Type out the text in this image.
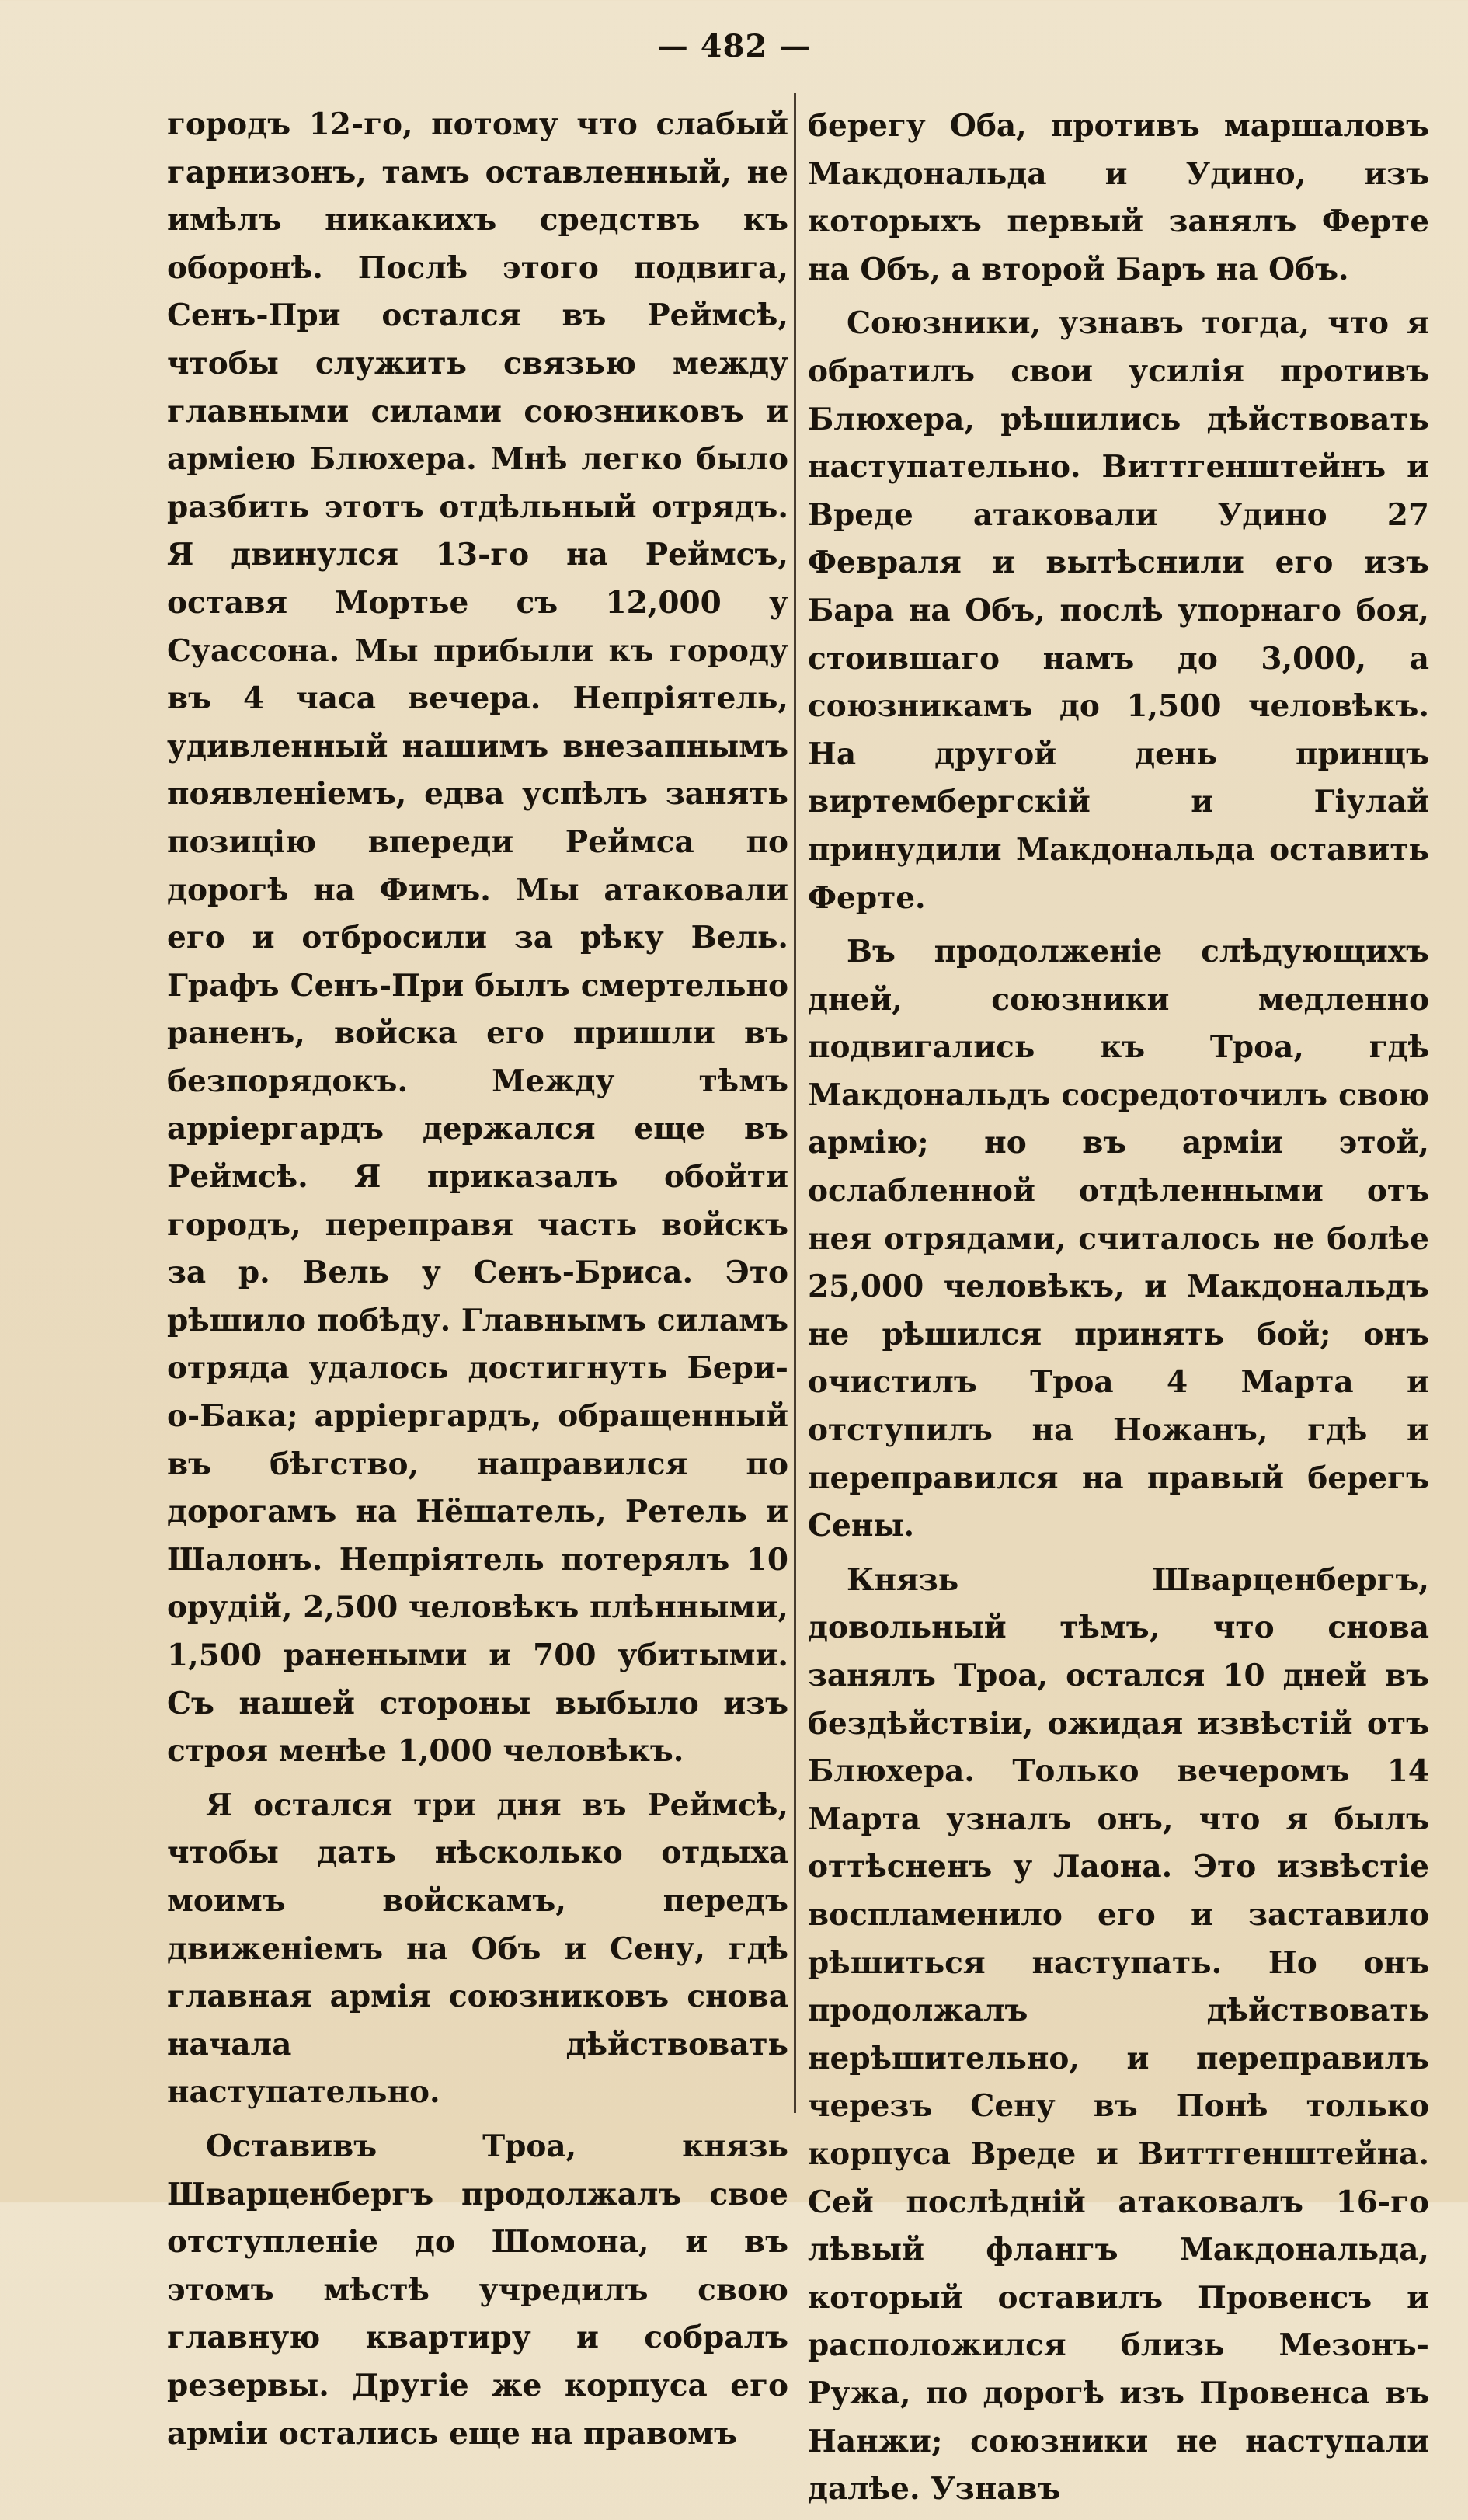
— 482 —

городъ 12-го, потому что слабый гарнизонъ, тамъ оставленный, не имѣлъ никакихъ средствъ къ оборонѣ. Послѣ этого подвига, Сенъ-При остался въ Реймсѣ, чтобы служить связью между главными силами союзниковъ и арміею Блюхера. Мнѣ легко было разбить этотъ отдѣльный отрядъ. Я двинулся 13-го на Реймсъ, оставя Мортье съ 12,000 у Суассона. Мы прибыли къ городу въ 4 часа вечера. Непріятель, удивленный нашимъ внезапнымъ появленіемъ, едва успѣлъ занять позицію впереди Реймса по дорогѣ на Фимъ. Мы атаковали его и отбросили за рѣку Вель. Графъ Сенъ-При былъ смертельно раненъ, войска его пришли въ безпорядокъ. Между тѣмъ арріергардъ держался еще въ Реймсѣ. Я приказалъ обойти городъ, переправя часть войскъ за р. Вель у Сенъ-Бриса. Это рѣшило побѣду. Главнымъ силамъ отряда удалось достигнуть Бери-о-Бака; арріергардъ, обращенный въ бѣгство, направился по дорогамъ на Нёшатель, Ретель и Шалонъ. Непріятель потерялъ 10 орудій, 2,500 человѣкъ плѣнными, 1,500 ранеными и 700 убитыми. Съ нашей стороны выбыло изъ строя менѣе 1,000 человѣкъ.

Я остался три дня въ Реймсѣ, чтобы дать нѣсколько отдыха моимъ войскамъ, передъ движеніемъ на Объ и Сену, гдѣ главная армія союзниковъ снова начала дѣйствовать наступательно.

Оставивъ Троа, князь Шварценбергъ продолжалъ свое отступленіе до Шомона, и въ этомъ мѣстѣ учредилъ свою главную квартиру и собралъ резервы. Другіе же корпуса его арміи остались еще на правомъ

берегу Оба, противъ маршаловъ Макдональда и Удино, изъ которыхъ первый занялъ Ферте на Объ, а второй Баръ на Объ.

Союзники, узнавъ тогда, что я обратилъ свои усилія противъ Блюхера, рѣшились дѣйствовать наступательно. Виттгенштейнъ и Вреде атаковали Удино 27 Февраля и вытѣснили его изъ Бара на Объ, послѣ упорнаго боя, стоившаго намъ до 3,000, а союзникамъ до 1,500 человѣкъ. На другой день принцъ виртембергскій и Гіулай принудили Макдональда оставить Ферте.

Въ продолженіе слѣдующихъ дней, союзники медленно подвигались къ Троа, гдѣ Макдональдъ сосредоточилъ свою армію; но въ арміи этой, ослабленной отдѣленными отъ нея отрядами, считалось не болѣе 25,000 человѣкъ, и Макдональдъ не рѣшился принять бой; онъ очистилъ Троа 4 Марта и отступилъ на Ножанъ, гдѣ и переправился на правый берегъ Сены.

Князь Шварценбергъ, довольный тѣмъ, что снова занялъ Троа, остался 10 дней въ бездѣйствіи, ожидая извѣстій отъ Блюхера. Только вечеромъ 14 Марта узналъ онъ, что я былъ оттѣсненъ у Лаона. Это извѣстіе воспламенило его и заставило рѣшиться наступать. Но онъ продолжалъ дѣйствовать нерѣшительно, и переправилъ черезъ Сену въ Понѣ только корпуса Вреде и Виттгенштейна. Сей послѣдній атаковалъ 16-го лѣвый флангъ Макдональда, который оставилъ Провенсъ и расположился близь Мезонъ-Ружа, по дорогѣ изъ Провенса въ Нанжи; союзники не наступали далѣе. Узнавъ
